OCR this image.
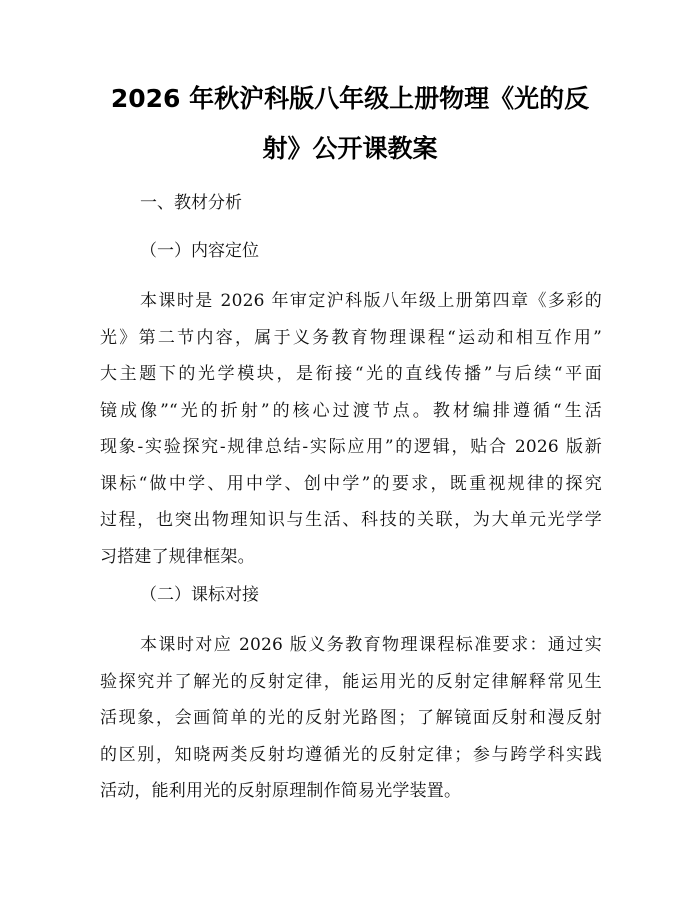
2026 年秋沪科版八年级上册物理《光的反
射》公开课教案
一、教材分析
（一）内容定位
本课时是 2026 年审定沪科版八年级上册第四章《多彩的
光》第二节内容，属于义务教育物理课程“运动和相互作用”
大主题下的光学模块，是衔接“光的直线传播”与后续“平面
镜成像”“光的折射”的核心过渡节点。教材编排遵循“生活
现象-实验探究-规律总结-实际应用”的逻辑，贴合 2026 版新
课标“做中学、用中学、创中学”的要求，既重视规律的探究
过程，也突出物理知识与生活、科技的关联，为大单元光学学
习搭建了规律框架。
（二）课标对接
本课时对应 2026 版义务教育物理课程标准要求：通过实
验探究并了解光的反射定律，能运用光的反射定律解释常见生
活现象，会画简单的光的反射光路图；了解镜面反射和漫反射
的区别，知晓两类反射均遵循光的反射定律；参与跨学科实践
活动，能利用光的反射原理制作简易光学装置。
